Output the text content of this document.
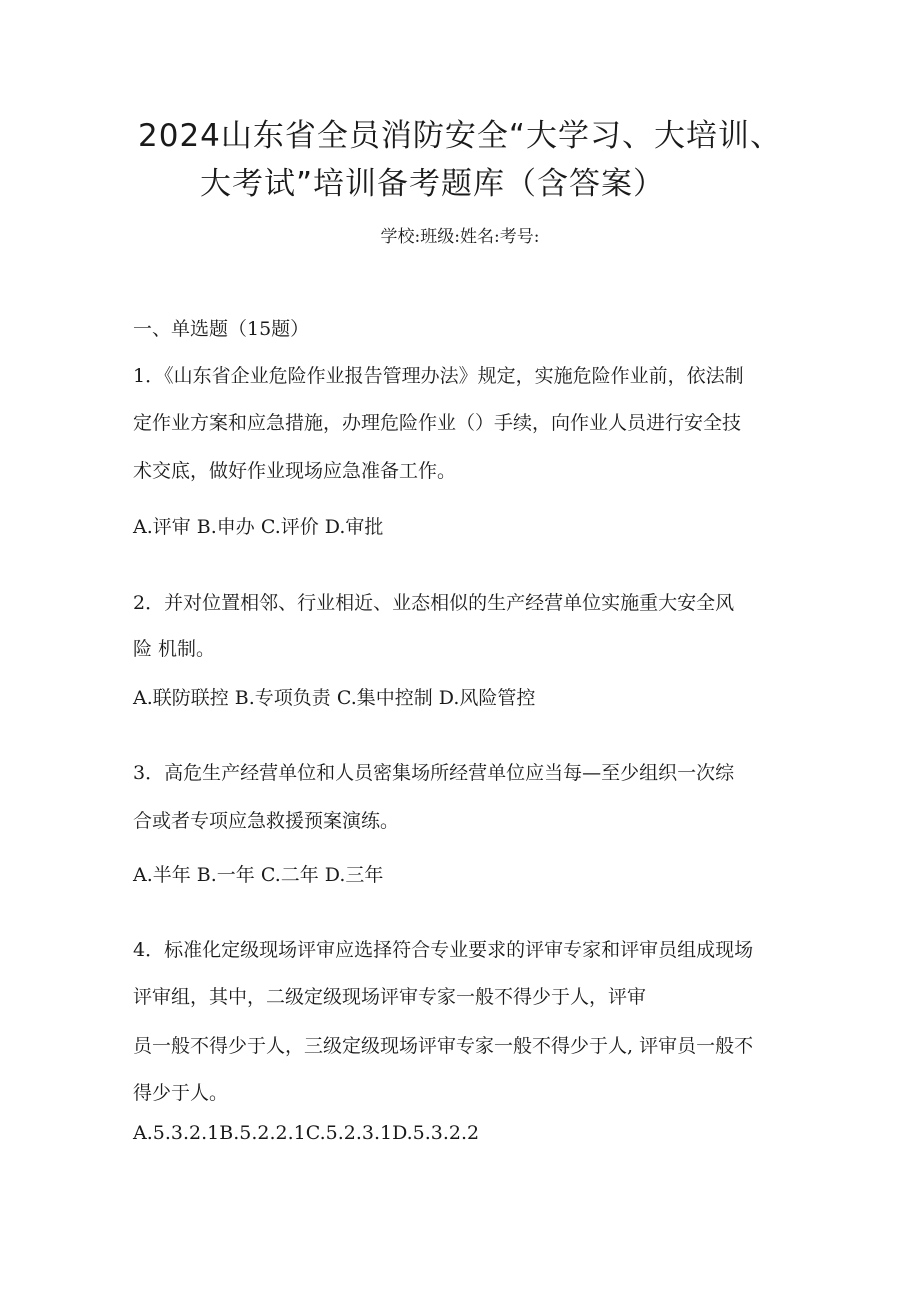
2024山东省全员消防安全“大学习、大培训、
大考试”培训备考题库（含答案）
学校:班级:姓名:考号:
一、单选题（15题）
1．《山东省企业危险作业报告管理办法》规定，实施危险作业前，依法制
定作业方案和应急措施，办理危险作业（）手续，向作业人员进行安全技
术交底，做好作业现场应急准备工作。
A.评审 B.申办 C.评价 D.审批
2．并对位置相邻、行业相近、业态相似的生产经营单位实施重大安全风
险 机制。
A.联防联控 B.专项负责 C.集中控制 D.风险管控
3．高危生产经营单位和人员密集场所经营单位应当每—至少组织一次综
合或者专项应急救援预案演练。
A.半年 B.一年 C.二年 D.三年
4．标准化定级现场评审应选择符合专业要求的评审专家和评审员组成现场
评审组，其中，二级定级现场评审专家一般不得少于人，评审
员一般不得少于人，三级定级现场评审专家一般不得少于人, 评审员一般不
得少于人。
A.5.3.2.1B.5.2.2.1C.5.2.3.1D.5.3.2.2
